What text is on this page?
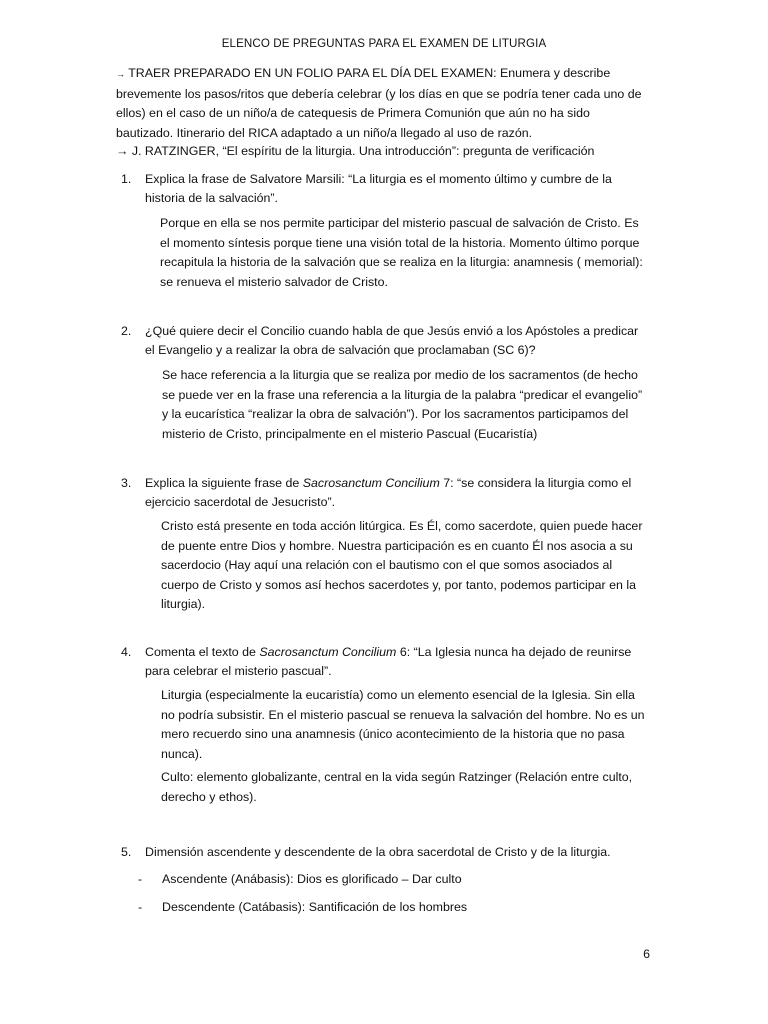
ELENCO DE PREGUNTAS PARA EL EXAMEN DE LITURGIA
→ TRAER PREPARADO EN UN FOLIO PARA EL DÍA DEL EXAMEN: Enumera y describe brevemente los pasos/ritos que debería celebrar (y los días en que se podría tener cada uno de ellos) en el caso de un niño/a de catequesis de Primera Comunión que aún no ha sido bautizado. Itinerario del RICA adaptado a un niño/a llegado al uso de razón.
→ J. RATZINGER, “El espíritu de la liturgia. Una introducción”: pregunta de verificación
1.	Explica la frase de Salvatore Marsili: “La liturgia es el momento último y cumbre de la historia de la salvación”.
Porque en ella se nos permite participar del misterio pascual de salvación de Cristo. Es el momento síntesis porque tiene una visión total de la historia. Momento último porque recapitula la historia de la salvación que se realiza en la liturgia: anamnesis ( memorial): se renueva el misterio salvador de Cristo.
2.	¿Qué quiere decir el Concilio cuando habla de que Jesús envió a los Apóstoles a predicar el Evangelio y a realizar la obra de salvación que proclamaban (SC 6)?
Se hace referencia a la liturgia que se realiza por medio de los sacramentos (de hecho se puede ver en la frase una referencia a la liturgia de la palabra “predicar el evangelio” y la eucarística “realizar la obra de salvación”). Por los sacramentos participamos del misterio de Cristo, principalmente en el misterio Pascual (Eucaristía)
3.	Explica la siguiente frase de Sacrosanctum Concilium 7: “se considera la liturgia como el ejercicio sacerdotal de Jesucristo”.
Cristo está presente en toda acción litúrgica. Es Él, como sacerdote, quien puede hacer de puente entre Dios y hombre. Nuestra participación es en cuanto Él nos asocia a su sacerdocio (Hay aquí una relación con el bautismo con el que somos asociados al cuerpo de Cristo y somos así hechos sacerdotes y, por tanto, podemos participar en la liturgia).
4.	Comenta el texto de Sacrosanctum Concilium 6: “La Iglesia nunca ha dejado de reunirse para celebrar el misterio pascual”.
Liturgia (especialmente la eucaristía) como un elemento esencial de la Iglesia. Sin ella no podría subsistir. En el misterio pascual se renueva la salvación del hombre. No es un mero recuerdo sino una anamnesis (único acontecimiento de la historia que no pasa nunca).
Culto: elemento globalizante, central en la vida según Ratzinger (Relación entre culto, derecho y ethos).
5.	Dimensión ascendente y descendente de la obra sacerdotal de Cristo y de la liturgia.
- Ascendente (Anábasis): Dios es glorificado – Dar culto
- Descendente (Catábasis): Santificación de los hombres
6
